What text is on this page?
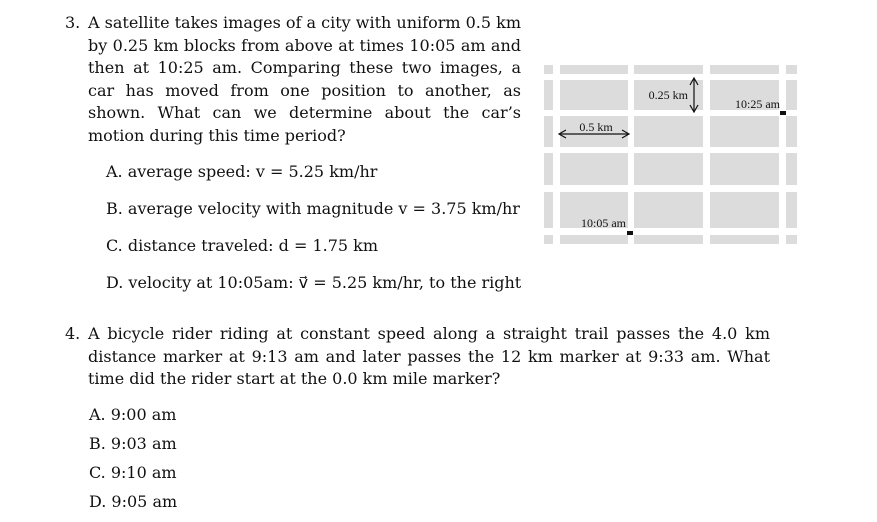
3. A satellite takes images of a city with uniform 0.5 km by 0.25 km blocks from above at times 10:05 am and then at 10:25 am. Comparing these two images, a car has moved from one position to another, as shown. What can we determine about the car’s motion during this time period?
A. average speed: v = 5.25 km/hr
B. average velocity with magnitude v = 3.75 km/hr
C. distance traveled: d = 1.75 km
D. velocity at 10:05am: v⃗ = 5.25 km/hr, to the right
0.5 km
0.25 km
10:25 am
10:05 am
4. A bicycle rider riding at constant speed along a straight trail passes the 4.0 km distance marker at 9:13 am and later passes the 12 km marker at 9:33 am. What time did the rider start at the 0.0 km mile marker?
A. 9:00 am
B. 9:03 am
C. 9:10 am
D. 9:05 am
